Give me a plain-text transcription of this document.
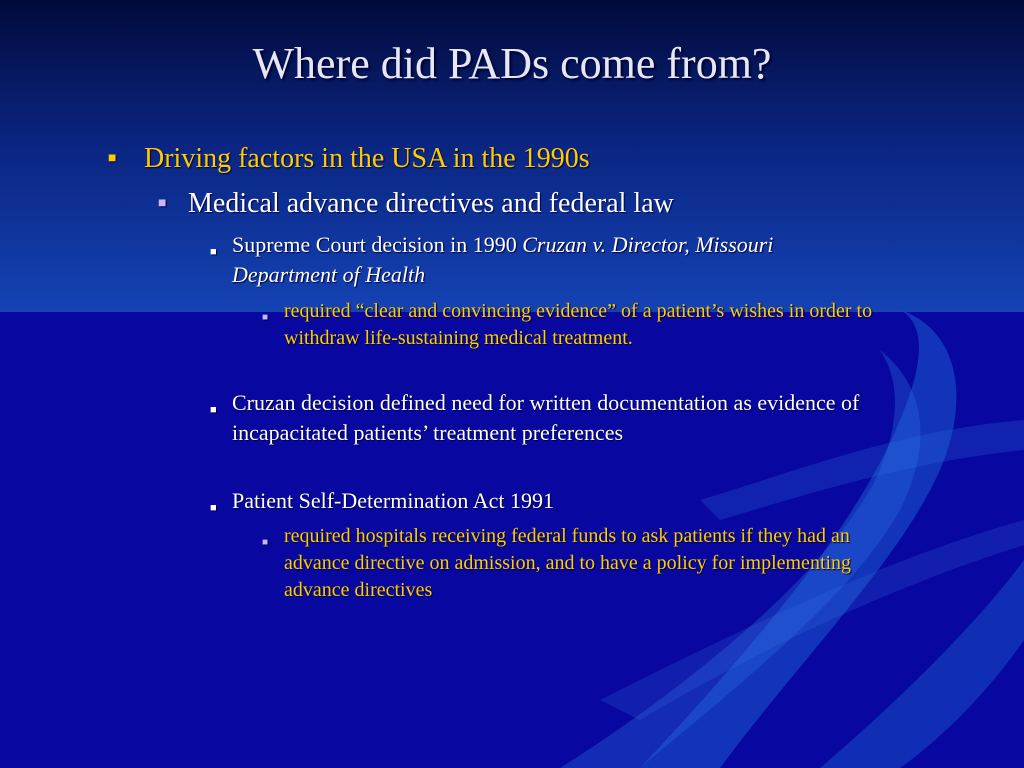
Where did PADs come from?
■ Driving factors in the USA in the 1990s
■ Medical advance directives and federal law
■ Supreme Court decision in 1990 Cruzan v. Director, Missouri Department of Health
■ required “clear and convincing evidence” of a patient’s wishes in order to withdraw life-sustaining medical treatment.
■ Cruzan decision defined need for written documentation as evidence of incapacitated patients’ treatment preferences
■ Patient Self-Determination Act 1991
■ required hospitals receiving federal funds to ask patients if they had an advance directive on admission, and to have a policy for implementing advance directives
